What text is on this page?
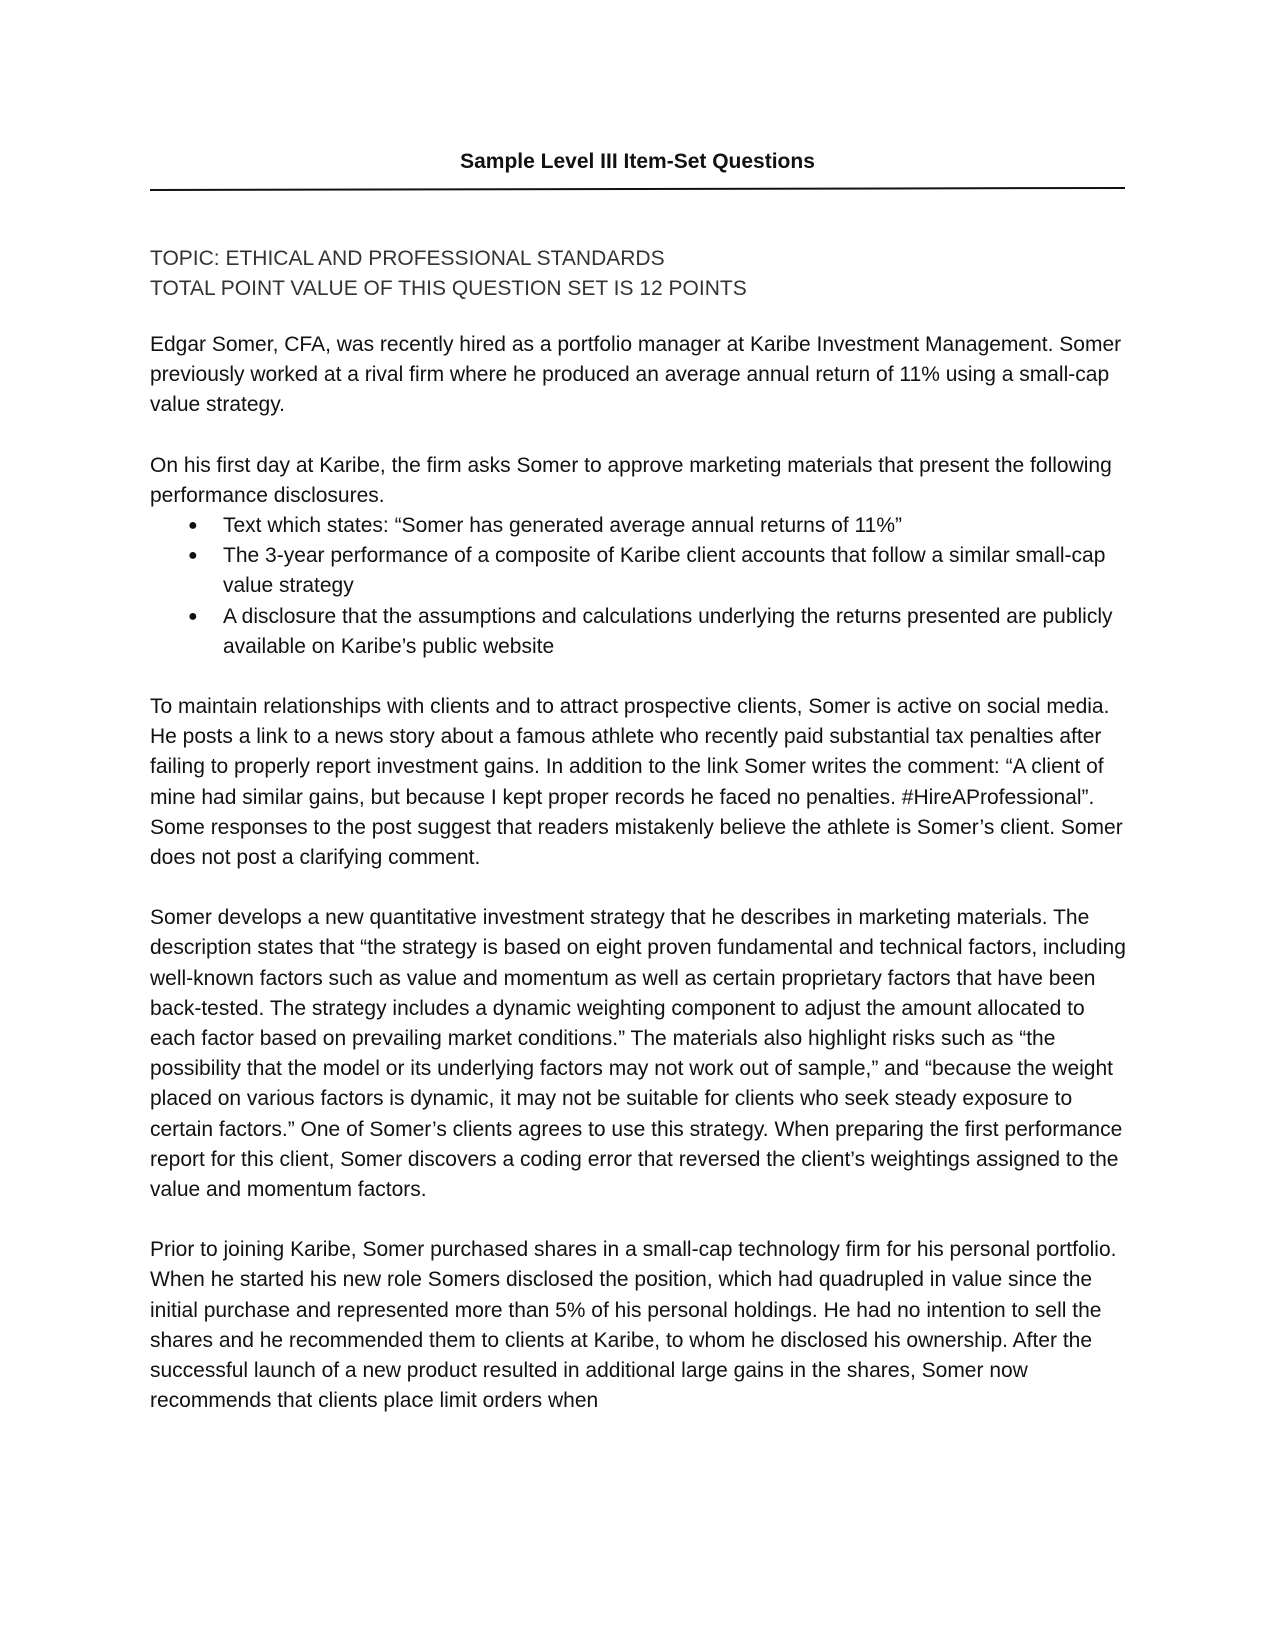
Sample Level III Item-Set Questions
TOPIC: ETHICAL AND PROFESSIONAL STANDARDS
TOTAL POINT VALUE OF THIS QUESTION SET IS 12 POINTS

Edgar Somer, CFA, was recently hired as a portfolio manager at Karibe Investment Management. Somer previously worked at a rival firm where he produced an average annual return of 11% using a small-cap value strategy.

On his first day at Karibe, the firm asks Somer to approve marketing materials that present the following performance disclosures.

● Text which states: “Somer has generated average annual returns of 11%”
● The 3-year performance of a composite of Karibe client accounts that follow a similar small-cap value strategy
● A disclosure that the assumptions and calculations underlying the returns presented are publicly available on Karibe’s public website

To maintain relationships with clients and to attract prospective clients, Somer is active on social media. He posts a link to a news story about a famous athlete who recently paid substantial tax penalties after failing to properly report investment gains. In addition to the link Somer writes the comment: “A client of mine had similar gains, but because I kept proper records he faced no penalties. #HireAProfessional”. Some responses to the post suggest that readers mistakenly believe the athlete is Somer’s client. Somer does not post a clarifying comment.

Somer develops a new quantitative investment strategy that he describes in marketing materials. The description states that “the strategy is based on eight proven fundamental and technical factors, including well-known factors such as value and momentum as well as certain proprietary factors that have been back-tested. The strategy includes a dynamic weighting component to adjust the amount allocated to each factor based on prevailing market conditions.” The materials also highlight risks such as “the possibility that the model or its underlying factors may not work out of sample,” and “because the weight placed on various factors is dynamic, it may not be suitable for clients who seek steady exposure to certain factors.” One of Somer’s clients agrees to use this strategy. When preparing the first performance report for this client, Somer discovers a coding error that reversed the client’s weightings assigned to the value and momentum factors.

Prior to joining Karibe, Somer purchased shares in a small-cap technology firm for his personal portfolio. When he started his new role Somers disclosed the position, which had quadrupled in value since the initial purchase and represented more than 5% of his personal holdings. He had no intention to sell the shares and he recommended them to clients at Karibe, to whom he disclosed his ownership. After the successful launch of a new product resulted in additional large gains in the shares, Somer now recommends that clients place limit orders when
